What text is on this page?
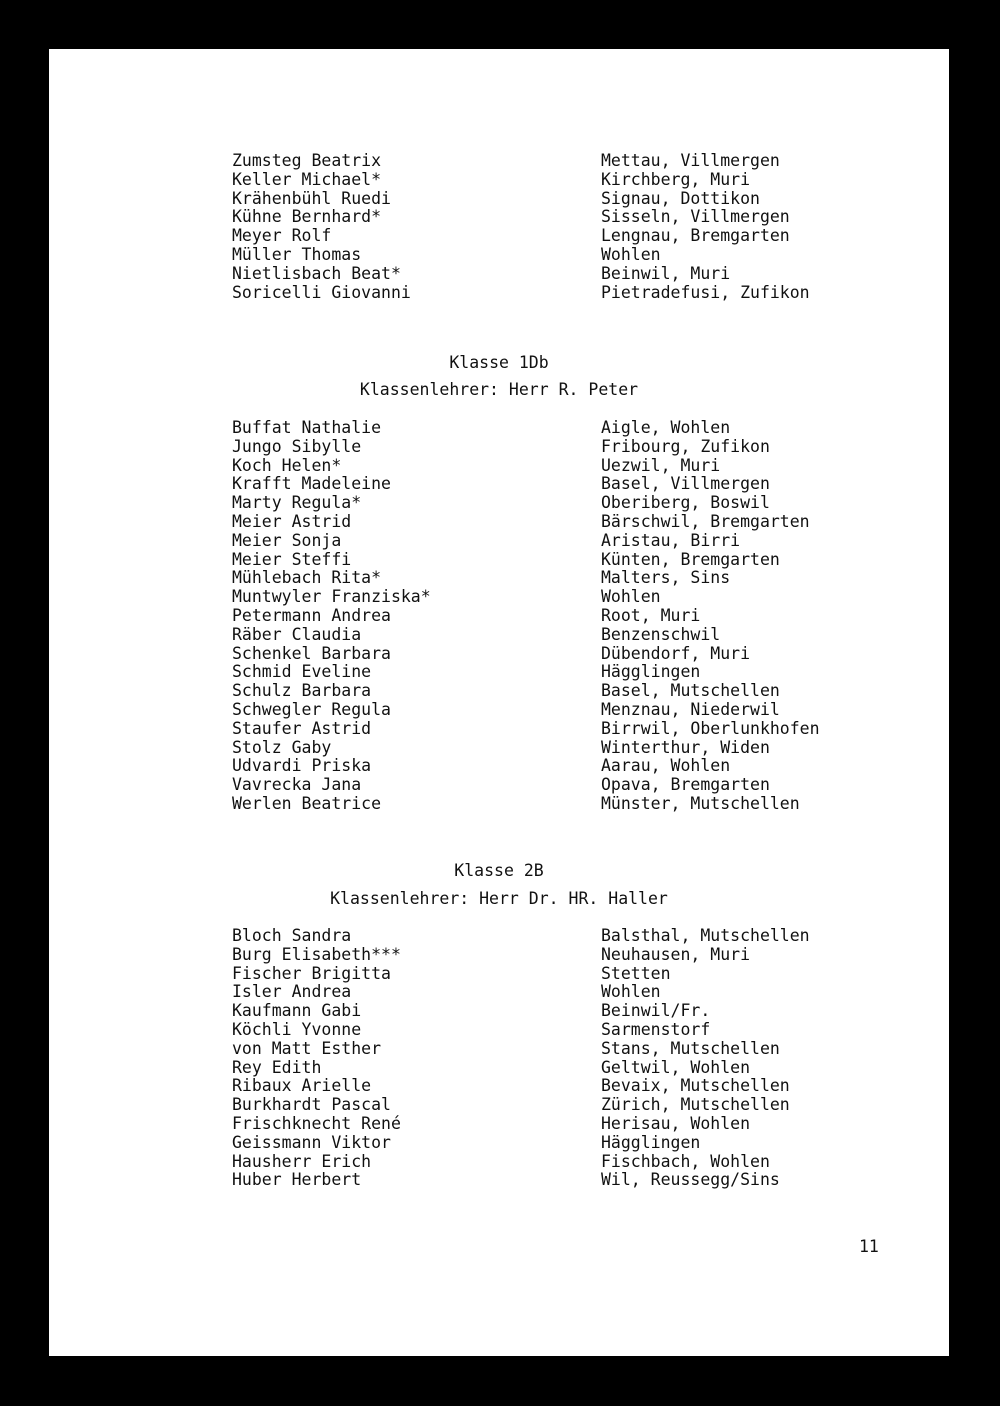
Zumsteg Beatrix	Mettau, Villmergen
Keller Michael*	Kirchberg, Muri
Krähenbühl Ruedi	Signau, Dottikon
Kühne Bernhard*	Sisseln, Villmergen
Meyer Rolf	Lengnau, Bremgarten
Müller Thomas	Wohlen
Nietlisbach Beat*	Beinwil, Muri
Soricelli Giovanni	Pietradefusi, Zufikon
Klasse 1Db
Klassenlehrer: Herr R. Peter
Buffat Nathalie	Aigle, Wohlen
Jungo Sibylle	Fribourg, Zufikon
Koch Helen*	Uezwil, Muri
Krafft Madeleine	Basel, Villmergen
Marty Regula*	Oberiberg, Boswil
Meier Astrid	Bärschwil, Bremgarten
Meier Sonja	Aristau, Birri
Meier Steffi	Künten, Bremgarten
Mühlebach Rita*	Malters, Sins
Muntwyler Franziska*	Wohlen
Petermann Andrea	Root, Muri
Räber Claudia	Benzenschwil
Schenkel Barbara	Dübendorf, Muri
Schmid Eveline	Hägglingen
Schulz Barbara	Basel, Mutschellen
Schwegler Regula	Menznau, Niederwil
Staufer Astrid	Birrwil, Oberlunkhofen
Stolz Gaby	Winterthur, Widen
Udvardi Priska	Aarau, Wohlen
Vavrecka Jana	Opava, Bremgarten
Werlen Beatrice	Münster, Mutschellen
Klasse 2B
Klassenlehrer: Herr Dr. HR. Haller
Bloch Sandra	Balsthal, Mutschellen
Burg Elisabeth***	Neuhausen, Muri
Fischer Brigitta	Stetten
Isler Andrea	Wohlen
Kaufmann Gabi	Beinwil/Fr.
Köchli Yvonne	Sarmenstorf
von Matt Esther	Stans, Mutschellen
Rey Edith	Geltwil, Wohlen
Ribaux Arielle	Bevaix, Mutschellen
Burkhardt Pascal	Zürich, Mutschellen
Frischknecht René	Herisau, Wohlen
Geissmann Viktor	Hägglingen
Hausherr Erich	Fischbach, Wohlen
Huber Herbert	Wil, Reussegg/Sins
11
